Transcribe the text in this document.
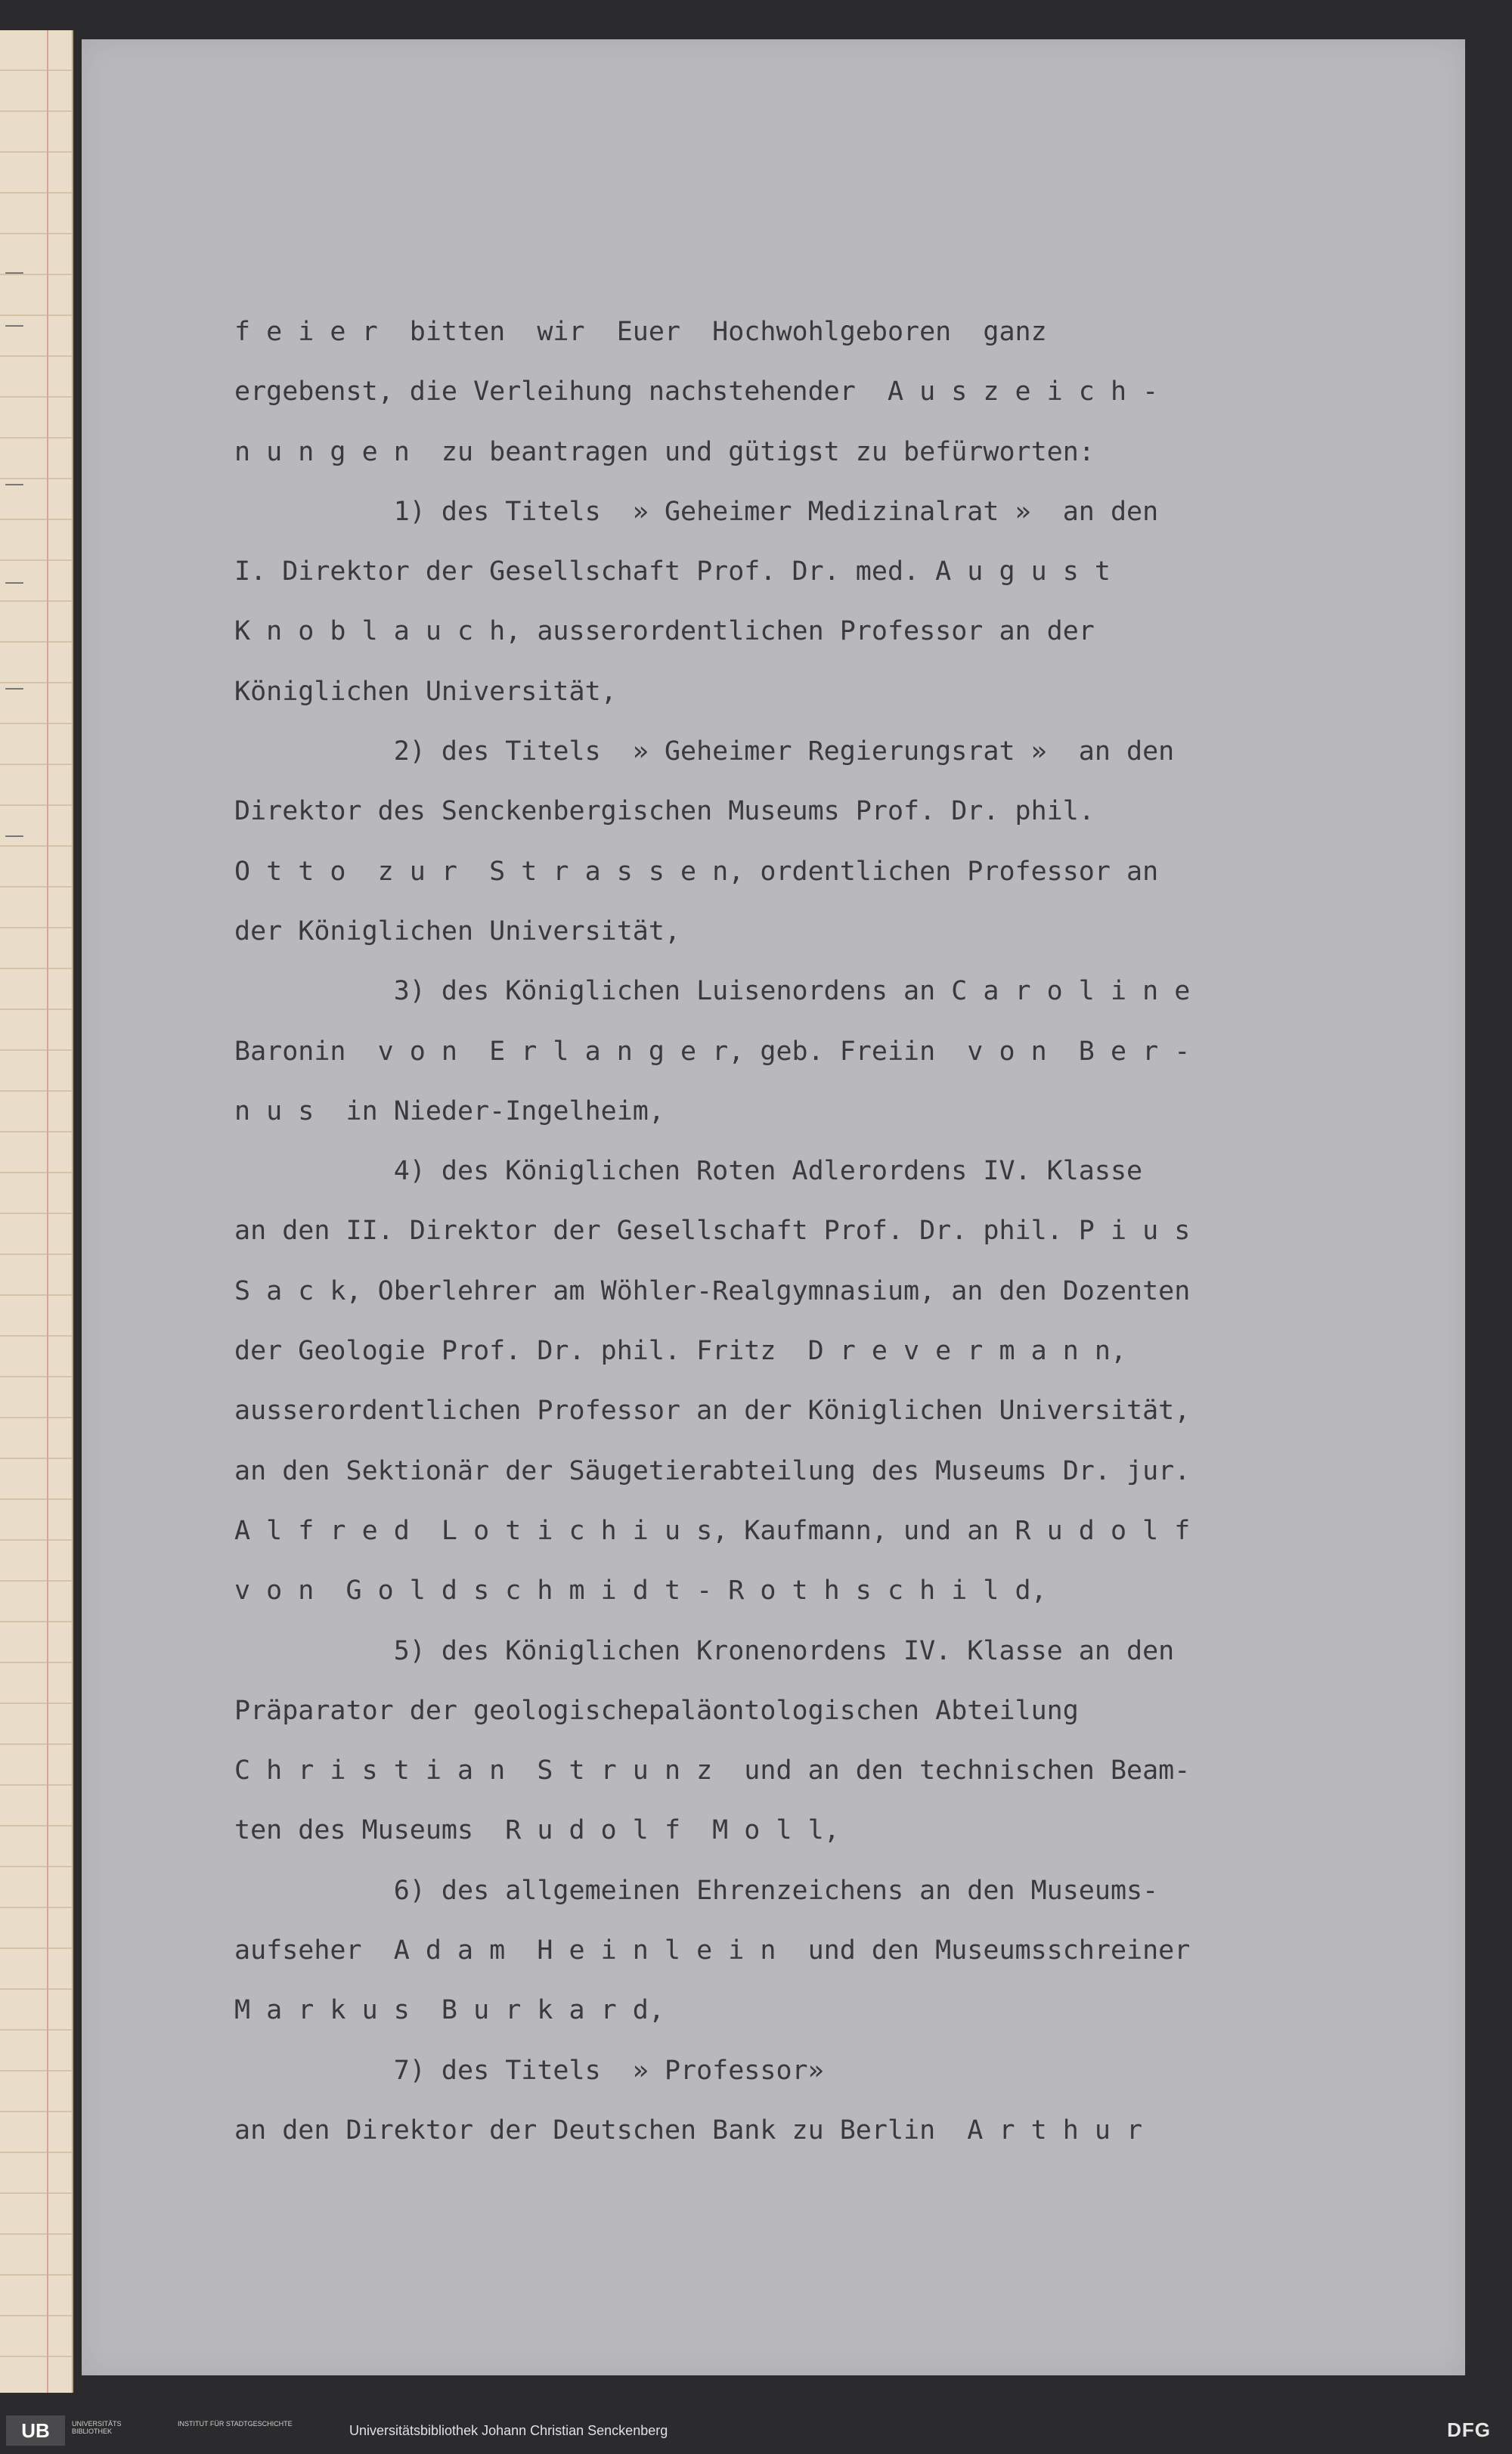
—
—
—
—
—
—
f e i e r  bitten  wir  Euer  Hochwohlgeboren  ganz
ergebenst, die Verleihung nachstehender  A u s z e i c h -
n u n g e n  zu beantragen und gütigst zu befürworten:
1) des Titels  » Geheimer Medizinalrat »  an den
I. Direktor der Gesellschaft Prof. Dr. med. A u g u s t
K n o b l a u c h, ausserordentlichen Professor an der
Königlichen Universität,
2) des Titels  » Geheimer Regierungsrat »  an den
Direktor des Senckenbergischen Museums Prof. Dr. phil.
O t t o  z u r  S t r a s s e n, ordentlichen Professor an
der Königlichen Universität,
3) des Königlichen Luisenordens an C a r o l i n e
Baronin  v o n  E r l a n g e r, geb. Freiin  v o n  B e r -
n u s  in Nieder-Ingelheim,
4) des Königlichen Roten Adlerordens IV. Klasse
an den II. Direktor der Gesellschaft Prof. Dr. phil. P i u s
S a c k, Oberlehrer am Wöhler-Realgymnasium, an den Dozenten
der Geologie Prof. Dr. phil. Fritz  D r e v e r m a n n,
ausserordentlichen Professor an der Königlichen Universität,
an den Sektionär der Säugetierabteilung des Museums Dr. jur.
A l f r e d  L o t i c h i u s, Kaufmann, und an R u d o l f
v o n  G o l d s c h m i d t - R o t h s c h i l d,
5) des Königlichen Kronenordens IV. Klasse an den
Präparator der geologischepaläontologischen Abteilung
C h r i s t i a n  S t r u n z  und an den technischen Beam-
ten des Museums  R u d o l f  M o l l,
6) des allgemeinen Ehrenzeichens an den Museums-
aufseher  A d a m  H e i n l e i n  und den Museumsschreiner
M a r k u s  B u r k a r d,
7) des Titels  » Professor»
an den Direktor der Deutschen Bank zu Berlin  A r t h u r
UB	UNIVERSITÄTS BIBLIOTHEK
INSTITUT FÜR STADTGESCHICHTE	Universitätsbibliothek Johann Christian Senckenberg	DFG
